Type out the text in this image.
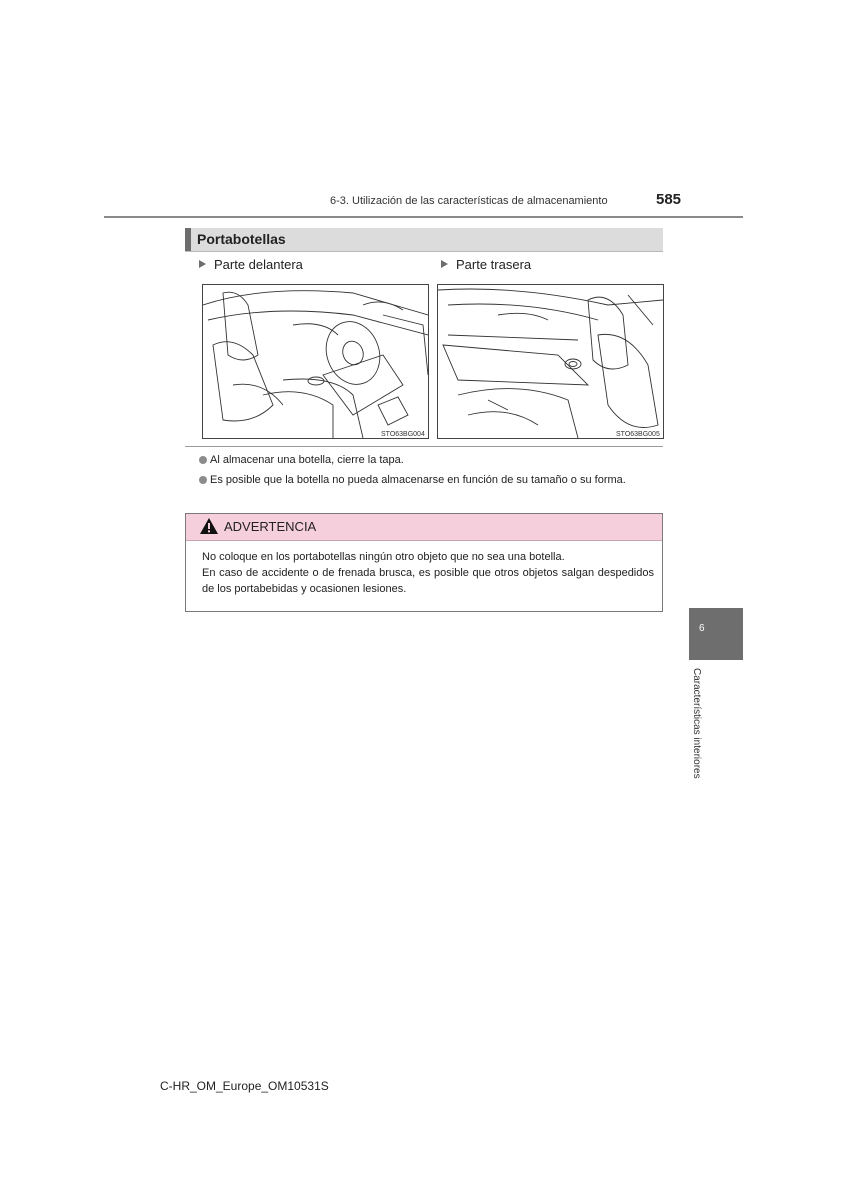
6-3. Utilización de las características de almacenamiento	585
Portabotellas
Parte delantera	Parte trasera
STO63BG004	STO63BG005
Al almacenar una botella, cierre la tapa.
Es posible que la botella no pueda almacenarse en función de su tamaño o su forma.
ADVERTENCIA
No coloque en los portabotellas ningún otro objeto que no sea una botella.
En caso de accidente o de frenada brusca, es posible que otros objetos salgan despedidos de los portabebidas y ocasionen lesiones.
6
Características interiores
C-HR_OM_Europe_OM10531S
